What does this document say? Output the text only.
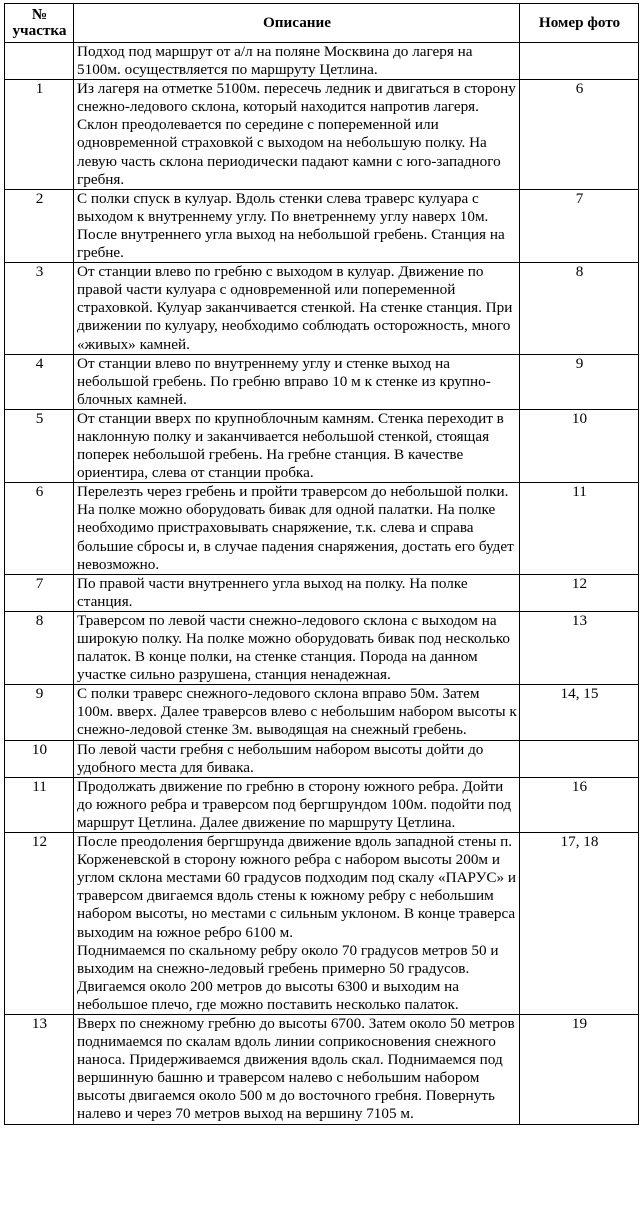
№ участка	Описание	Номер фото
	Подход под маршрут от а/л на поляне Москвина до лагеря на 5100м. осуществляется по маршруту Цетлина.	
1	Из лагеря на отметке 5100м. пересечь ледник и двигаться в сторону снежно-ледового склона, который находится напротив лагеря. Склон преодолевается по середине с попеременной или одновременной страховкой с выходом на небольшую полку. На левую часть склона периодически падают камни с юго-западного гребня.	6
2	С полки спуск в кулуар. Вдоль стенки слева траверс кулуара с выходом к внутреннему углу. По внетреннему углу наверх 10м. После внутреннего угла выход на небольшой гребень. Станция на гребне.	7
3	От станции влево по гребню с выходом в кулуар. Движение по правой части кулуара с одновременной или попеременной страховкой. Кулуар заканчивается стенкой. На стенке станция. При движении по кулуару, необходимо соблюдать осторожность, много «живых» камней.	8
4	От станции влево по внутреннему углу и стенке выход на небольшой гребень. По гребню вправо 10 м к стенке из крупно-блочных камней.	9
5	От станции вверх по крупноблочным камням. Стенка переходит в наклонную полку и заканчивается небольшой стенкой, стоящая поперек небольшой гребень. На гребне станция. В качестве ориентира, слева от станции пробка.	10
6	Перелезть через гребень и пройти траверсом до небольшой полки. На полке можно оборудовать бивак для одной палатки. На полке необходимо пристраховывать снаряжение, т.к. слева и справа большие сбросы и, в случае падения снаряжения, достать его будет невозможно.	11
7	По правой части внутреннего угла выход на полку. На полке станция.	12
8	Траверсом по левой части снежно-ледового склона с выходом на широкую полку. На полке можно оборудовать бивак под несколько палаток. В конце полки, на стенке станция. Порода на данном участке сильно разрушена, станция ненадежная.	13
9	С полки траверс снежного-ледового склона вправо 50м. Затем 100м. вверх. Далее траверсов влево с небольшим набором высоты к снежно-ледовой стенке 3м. выводящая на снежный гребень.	14, 15
10	По левой части гребня с небольшим набором высоты дойти до удобного места для бивака.	
11	Продолжать движение по гребню в сторону южного ребра. Дойти до южного ребра и траверсом под бергшрундом 100м. подойти под маршрут Цетлина. Далее движение по маршруту Цетлина.	16
12	После преодоления бергшрунда движение вдоль западной стены п. Корженевской в сторону южного ребра с набором высоты 200м и углом склона местами 60 градусов подходим под скалу «ПАРУС» и траверсом двигаемся вдоль стены к южному ребру с небольшим набором высоты, но местами с сильным уклоном. В конце траверса выходим на южное ребро 6100 м.
Поднимаемся по скальному ребру около 70 градусов метров 50 и выходим на снежно-ледовый гребень примерно 50 градусов. Двигаемся около 200 метров до высоты 6300 и выходим на небольшое плечо, где можно поставить несколько палаток.	17, 18
13	Вверх по снежному гребню до высоты 6700. Затем около 50 метров поднимаемся по скалам вдоль линии соприкосновения снежного наноса. Придерживаемся движения вдоль скал. Поднимаемся под вершинную башню и траверсом налево с небольшим набором высоты двигаемся около 500 м до восточного гребня. Повернуть налево и через 70 метров выход на вершину 7105 м.	19
